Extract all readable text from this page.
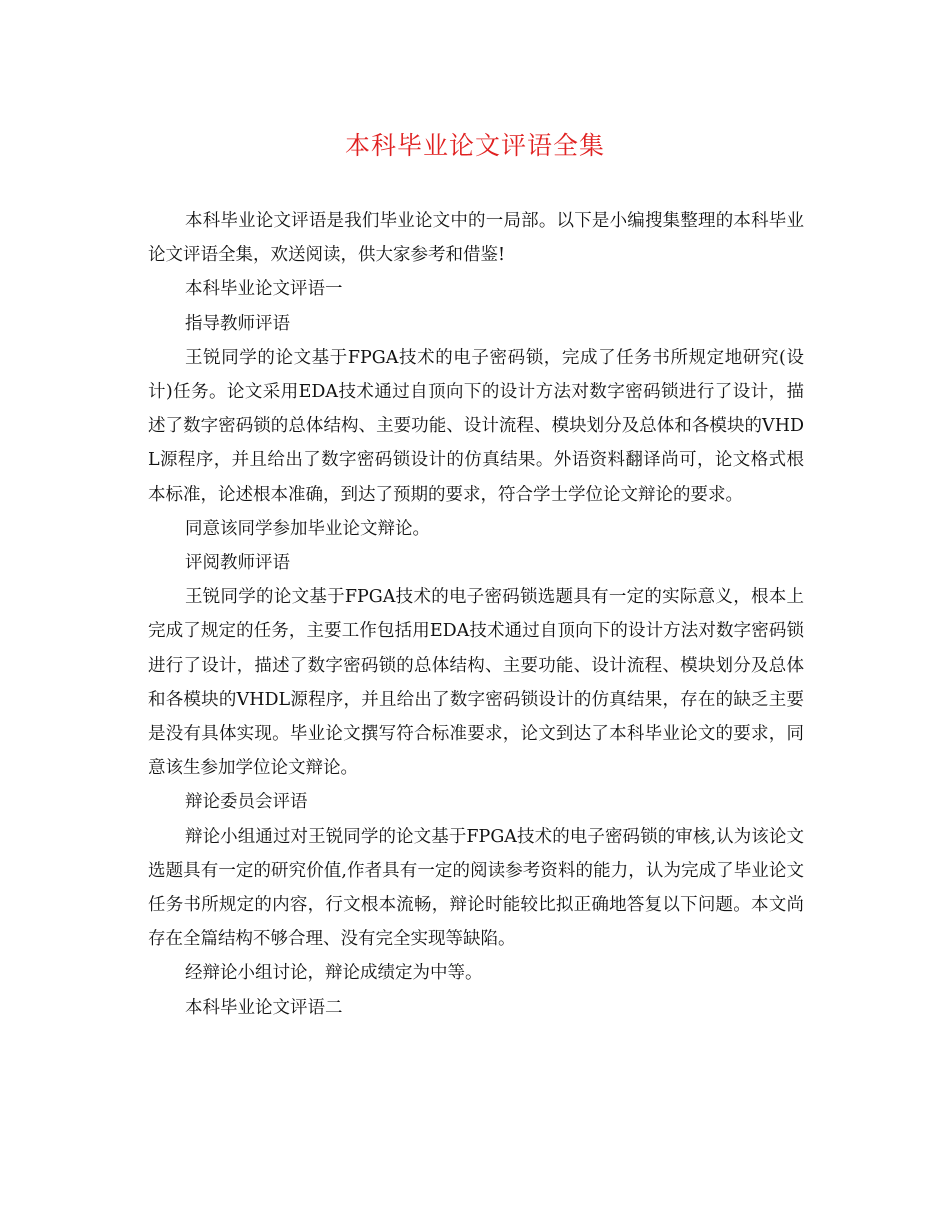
本科毕业论文评语全集

本科毕业论文评语是我们毕业论文中的一局部。以下是小编搜集整理的本科毕业论文评语全集，欢送阅读，供大家参考和借鉴!

本科毕业论文评语一

指导教师评语

王锐同学的论文基于FPGA技术的电子密码锁，完成了任务书所规定地研究(设计)任务。论文采用EDA技术通过自顶向下的设计方法对数字密码锁进行了设计，描述了数字密码锁的总体结构、主要功能、设计流程、模块划分及总体和各模块的VHDL源程序，并且给出了数字密码锁设计的仿真结果。外语资料翻译尚可，论文格式根本标准，论述根本准确，到达了预期的要求，符合学士学位论文辩论的要求。

同意该同学参加毕业论文辩论。

评阅教师评语

王锐同学的论文基于FPGA技术的电子密码锁选题具有一定的实际意义，根本上完成了规定的任务，主要工作包括用EDA技术通过自顶向下的设计方法对数字密码锁进行了设计，描述了数字密码锁的总体结构、主要功能、设计流程、模块划分及总体和各模块的VHDL源程序，并且给出了数字密码锁设计的仿真结果，存在的缺乏主要是没有具体实现。毕业论文撰写符合标准要求，论文到达了本科毕业论文的要求，同意该生参加学位论文辩论。

辩论委员会评语

辩论小组通过对王锐同学的论文基于FPGA技术的电子密码锁的审核,认为该论文选题具有一定的研究价值,作者具有一定的阅读参考资料的能力，认为完成了毕业论文任务书所规定的内容，行文根本流畅，辩论时能较比拟正确地答复以下问题。本文尚存在全篇结构不够合理、没有完全实现等缺陷。

经辩论小组讨论，辩论成绩定为中等。

本科毕业论文评语二
